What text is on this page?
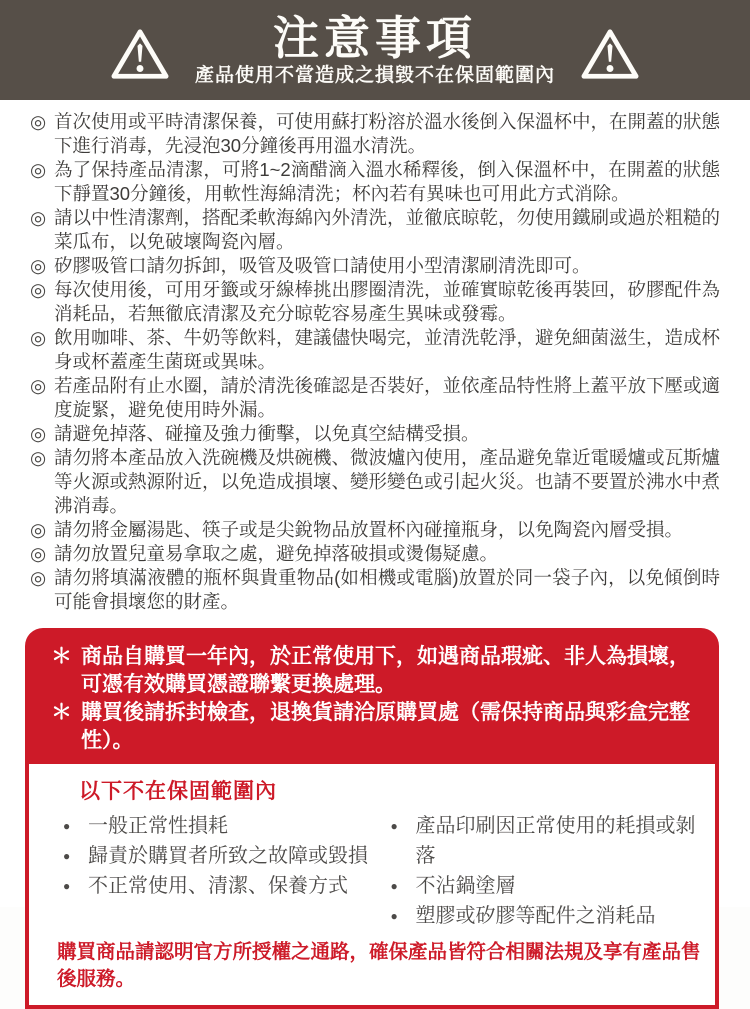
注意事項
產品使用不當造成之損毀不在保固範圍內
◎ 首次使用或平時清潔保養，可使用蘇打粉溶於溫水後倒入保溫杯中，在開蓋的狀態下進行消毒，先浸泡30分鐘後再用溫水清洗。
◎ 為了保持產品清潔，可將1~2滴醋滴入溫水稀釋後，倒入保溫杯中，在開蓋的狀態下靜置30分鐘後，用軟性海綿清洗；杯內若有異味也可用此方式消除。
◎ 請以中性清潔劑，搭配柔軟海綿內外清洗，並徹底晾乾，勿使用鐵刷或過於粗糙的菜瓜布，以免破壞陶瓷內層。
◎ 矽膠吸管口請勿拆卸，吸管及吸管口請使用小型清潔刷清洗即可。
◎ 每次使用後，可用牙籤或牙線棒挑出膠圈清洗，並確實晾乾後再裝回，矽膠配件為消耗品，若無徹底清潔及充分晾乾容易產生異味或發霉。
◎ 飲用咖啡、茶、牛奶等飲料，建議儘快喝完，並清洗乾淨，避免細菌滋生，造成杯身或杯蓋產生菌斑或異味。
◎ 若產品附有止水圈，請於清洗後確認是否裝好，並依產品特性將上蓋平放下壓或適度旋緊，避免使用時外漏。
◎ 請避免掉落、碰撞及強力衝擊，以免真空結構受損。
◎ 請勿將本產品放入洗碗機及烘碗機、微波爐內使用，產品避免靠近電暖爐或瓦斯爐等火源或熱源附近，以免造成損壞、變形變色或引起火災。也請不要置於沸水中煮沸消毒。
◎ 請勿將金屬湯匙、筷子或是尖銳物品放置杯內碰撞瓶身，以免陶瓷內層受損。
◎ 請勿放置兒童易拿取之處，避免掉落破損或燙傷疑慮。
◎ 請勿將填滿液體的瓶杯與貴重物品(如相機或電腦)放置於同一袋子內，以免傾倒時可能會損壞您的財產。
＊ 商品自購買一年內，於正常使用下，如遇商品瑕疵、非人為損壞，可憑有效購買憑證聯繫更換處理。
＊ 購買後請拆封檢查，退換貨請洽原購買處（需保持商品與彩盒完整性）。
以下不在保固範圍內
● 一般正常性損耗
● 歸責於購買者所致之故障或毀損
● 不正常使用、清潔、保養方式
● 產品印刷因正常使用的耗損或剝落
● 不沾鍋塗層
● 塑膠或矽膠等配件之消耗品

購買商品請認明官方所授權之通路，確保產品皆符合相關法規及享有產品售後服務。
